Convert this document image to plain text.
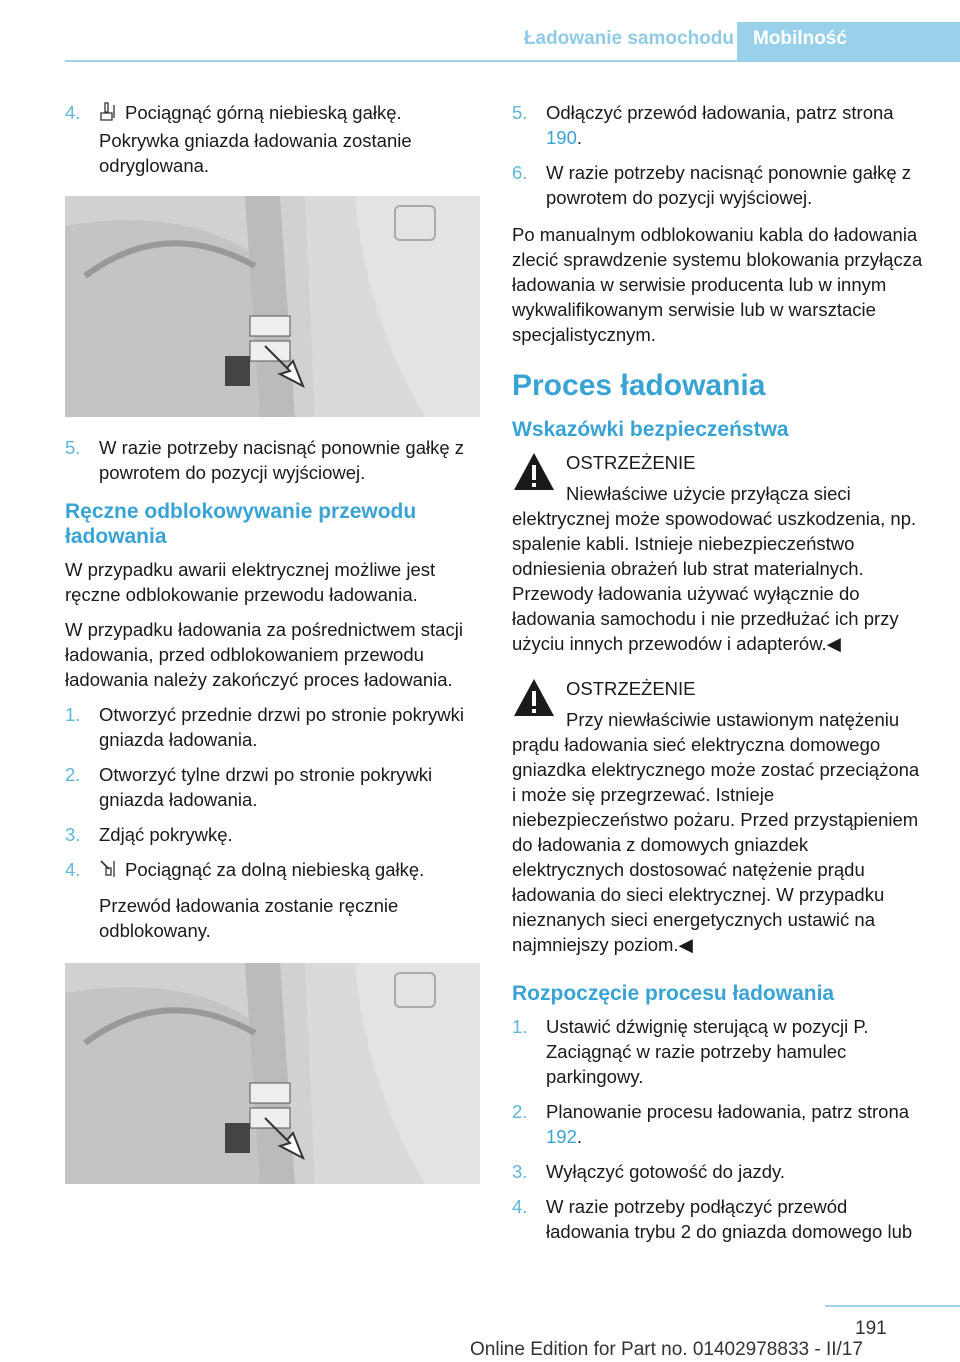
Ładowanie samochodu	Mobilność
4. Pociągnąć górną niebieską gałkę. Pokrywka gniazda ładowania zostanie odryglowana.
5. W razie potrzeby nacisnąć ponownie gałkę z powrotem do pozycji wyjściowej.
Ręczne odblokowywanie przewodu ładowania

W przypadku awarii elektrycznej możliwe jest ręczne odblokowanie przewodu ładowania.

W przypadku ładowania za pośrednictwem stacji ładowania, przed odblokowaniem przewodu ładowania należy zakończyć proces ładowania.

1. Otworzyć przednie drzwi po stronie pokrywki gniazda ładowania.
2. Otworzyć tylne drzwi po stronie pokrywki gniazda ładowania.
3. Zdjąć pokrywkę.
4. Pociągnąć za dolną niebieską gałkę.
Przewód ładowania zostanie ręcznie odblokowany.
5. Odłączyć przewód ładowania, patrz strona 190.
6. W razie potrzeby nacisnąć ponownie gałkę z powrotem do pozycji wyjściowej.

Po manualnym odblokowaniu kabla do ładowania zlecić sprawdzenie systemu blokowania przyłącza ładowania w serwisie producenta lub w innym wykwalifikowanym serwisie lub w warsztacie specjalistycznym.

Proces ładowania
Wskazówki bezpieczeństwa
OSTRZEŻENIE

Niewłaściwe użycie przyłącza sieci elektrycznej może spowodować uszkodzenia, np. spalenie kabli. Istnieje niebezpieczeństwo odniesienia obrażeń lub strat materialnych. Przewody ładowania używać wyłącznie do ładowania samochodu i nie przedłużać ich przy użyciu innych przewodów i adapterów.◀

OSTRZEŻENIE

Przy niewłaściwie ustawionym natężeniu prądu ładowania sieć elektryczna domowego gniazdka elektrycznego może zostać przeciążona i może się przegrzewać. Istnieje niebezpieczeństwo pożaru. Przed przystąpieniem do ładowania z domowych gniazdek elektrycznych dostosować natężenie prądu ładowania do sieci elektrycznej. W przypadku nieznanych sieci energetycznych ustawić na najmniejszy poziom.◀

Rozpoczęcie procesu ładowania
1. Ustawić dźwignię sterującą w pozycji P. Zaciągnąć w razie potrzeby hamulec parkingowy.
2. Planowanie procesu ładowania, patrz strona 192.
3. Wyłączyć gotowość do jazdy.
4. W razie potrzeby podłączyć przewód ładowania trybu 2 do gniazda domowego lub
191
Online Edition for Part no. 01402978833 - II/17
